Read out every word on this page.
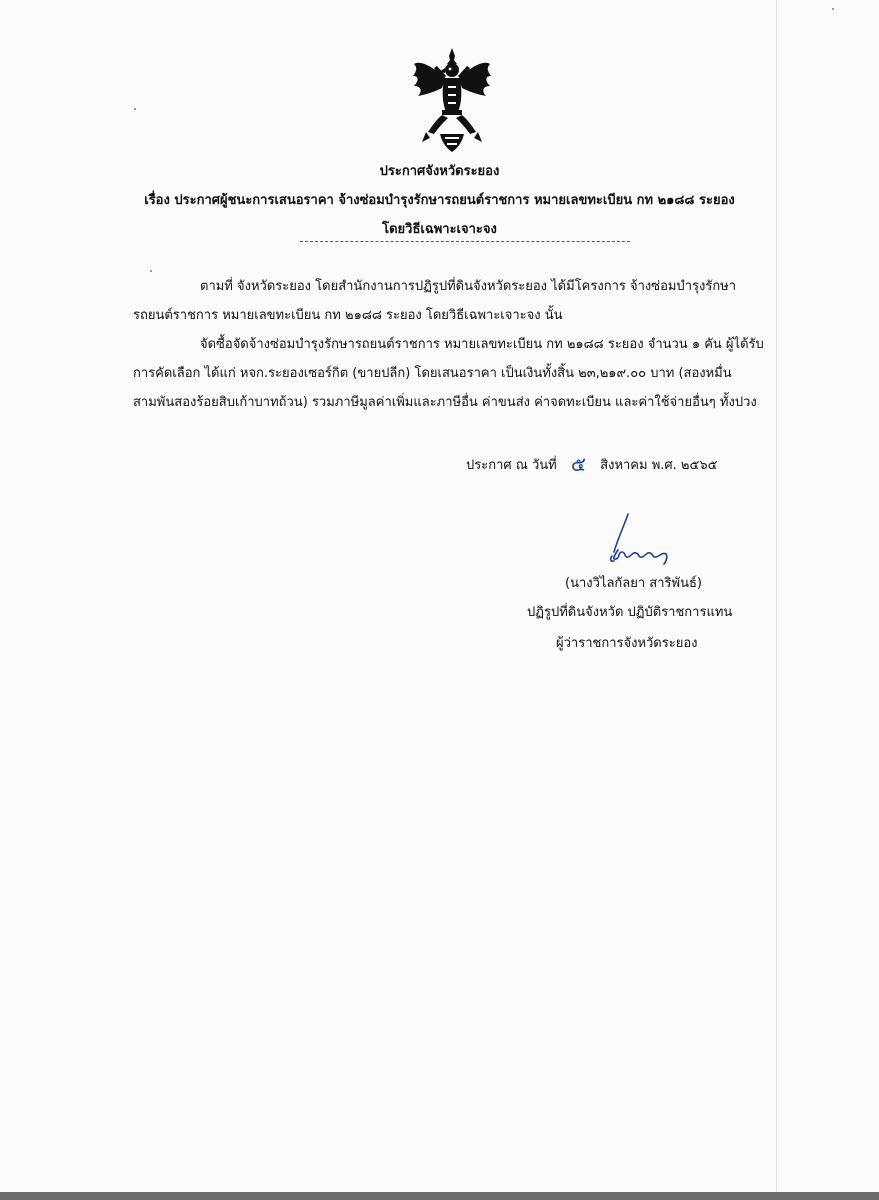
ประกาศจังหวัดระยอง
เรื่อง ประกาศผู้ชนะการเสนอราคา จ้างซ่อมบำรุงรักษารถยนต์ราชการ หมายเลขทะเบียน กท ๒๑๘๘ ระยอง
โดยวิธีเฉพาะเจาะจง
ตามที่ จังหวัดระยอง โดยสำนักงานการปฏิรูปที่ดินจังหวัดระยอง ได้มีโครงการ จ้างซ่อมบำรุงรักษา
รถยนต์ราชการ หมายเลขทะเบียน กท ๒๑๘๘ ระยอง โดยวิธีเฉพาะเจาะจง นั้น
จัดซื้อจัดจ้างซ่อมบำรุงรักษารถยนต์ราชการ หมายเลขทะเบียน กท ๒๑๘๘ ระยอง จำนวน ๑ คัน ผู้ได้รับ
การคัดเลือก ได้แก่ หจก.ระยองเซอร์กิต (ขายปลีก) โดยเสนอราคา เป็นเงินทั้งสิ้น ๒๓,๒๑๙.๐๐ บาท (สองหมื่น
สามพันสองร้อยสิบเก้าบาทถ้วน) รวมภาษีมูลค่าเพิ่มและภาษีอื่น ค่าขนส่ง ค่าจดทะเบียน และค่าใช้จ่ายอื่นๆ ทั้งปวง
ประกาศ ณ วันที่ ๕ สิงหาคม พ.ศ. ๒๕๖๕
(นางวิไลกัลยา สาริพันธ์)
ปฏิรูปที่ดินจังหวัด ปฏิบัติราชการแทน
ผู้ว่าราชการจังหวัดระยอง
